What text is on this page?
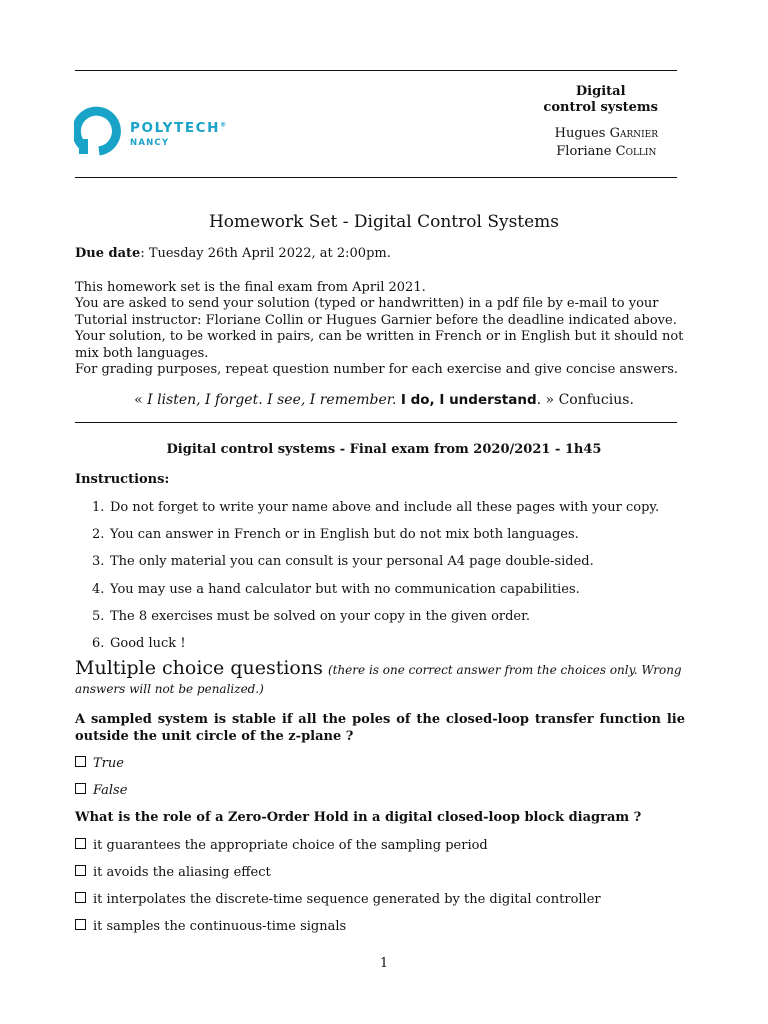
POLYTECH®
NANCY
Digital
control systems
Hugues Garnier
Floriane Collin
Homework Set - Digital Control Systems
Due date: Tuesday 26th April 2022, at 2:00pm.
This homework set is the final exam from April 2021.
You are asked to send your solution (typed or handwritten) in a pdf file by e-mail to your Tutorial instructor: Floriane Collin or Hugues Garnier before the deadline indicated above.
Your solution, to be worked in pairs, can be written in French or in English but it should not mix both languages.
For grading purposes, repeat question number for each exercise and give concise answers.
« I listen, I forget. I see, I remember. I do, I understand. » Confucius.
Digital control systems - Final exam from 2020/2021 - 1h45
Instructions:
1. Do not forget to write your name above and include all these pages with your copy.
2. You can answer in French or in English but do not mix both languages.
3. The only material you can consult is your personal A4 page double-sided.
4. You may use a hand calculator but with no communication capabilities.
5. The 8 exercises must be solved on your copy in the given order.
6. Good luck !
Multiple choice questions (there is one correct answer from the choices only. Wrong answers will not be penalized.)
A sampled system is stable if all the poles of the closed-loop transfer function lie outside the unit circle of the z-plane ?
True
False
What is the role of a Zero-Order Hold in a digital closed-loop block diagram ?
it guarantees the appropriate choice of the sampling period
it avoids the aliasing effect
it interpolates the discrete-time sequence generated by the digital controller
it samples the continuous-time signals
1
